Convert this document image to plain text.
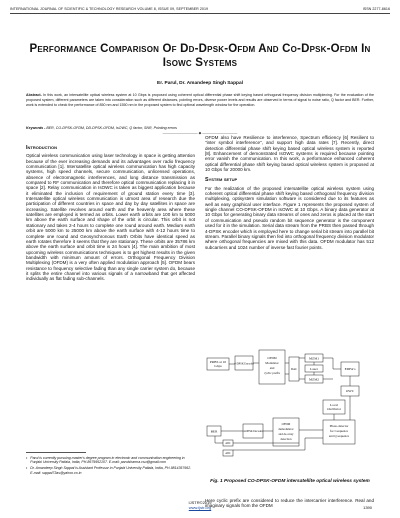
INTERNATIONAL JOURNAL OF SCIENTIFIC & TECHNOLOGY RESEARCH VOLUME 8, ISSUE 09, SEPTEMBER 2019	ISSN 2277-8616
Performance Comparison Of Dd-Dpsk-Ofdm And Co-Dpsk-Ofdm In Isowc Systems
Er. Parul, Dr. Amandeep Singh Sappal
Abstract- In this work, an intersatellite optical wireless system at 10 Gbps is proposed using coherent optical differential phase shift keying based orthogonal frequency division multiplexing. For the evaluation of the proposed system, different parameters are taken into consideration such as different distances, pointing errors, diverse power levels and results are observed in terms of signal to noise ratio, Q factor and BER. Further, work is extended to check the performance of 850 nm and 1550 nm in the proposed system to find optimal wavelength window for the operation.
Keywords - BER, CO-DPSK-OFDM, DD-DPSK-OFDM, IsOWC, Q factor, SNR, Pointing errors
—————————— ◆ ——————————
Introduction

Optical wireless communication using laser technology in space is getting attention because of the ever increasing demands and its advantages over radio frequency communication [1]. Intersatellite optical wireless communication has high capacity systems, high speed channels, secure communication, unlicensed operations, absence of electromagnetic interferences, and long distance transmission as compared to RF communication and therefore optical communication replacing it in space [2]. Relay communication in IsOWC is taken as biggest application because it eliminated the inclusion of requirement of ground station every time [3]. Intersatellite optical wireless communication is utmost area of research due the participation of different countries in space and day by day satellites in space are increasing. Satellite revolves around earth and the heavenly area where these satellites are employed is termed as orbits. Lower earth orbits are 100 km to 5000 km above the earth surface and shape of the orbit is circular. This orbit is not stationary and takes 2-4 hours to complete one round around earth. Medium earth orbit are 5000 km to 25000 km above the earth surface with 4-12 hours time to complete one round and Geosynchronous Earth Orbits have identical speed as earth rotates therefore it seems that they are stationary. These orbits are 35786 km above the earth surface and orbit time is 24 hours [4]. The main ambition of most upcoming wireless communications techniques is to get highest results in the given bandwidth with minimum amount of errors. Orthogonal Frequency Division Multiplexing (OFDM) is a very often applied modulation approach [5]. OFDM bears resistance to frequency selective fading than any single carrier system do, because it splits the entire channel into various signals of a narrowband that get affected individually as flat fading sub-channels.

• Parul is currently pursuing master's degree program in electronic and communication engineering in Punjabi University Patiala, India, PH-8679952107. E-mail: parulsharma.csu@gmail.com
• Dr. Amandeep Singh Sappal is Assistant Professor in Punjabi University Patiala, India, PH-9814357662. E-mail: sappal73as@yahoo.co.in

OFDM also have Resilience to interference, Spectrum efficiency [6] Resilient to "inter symbol interference", and support high data rates [7]. Recently, direct detection differential phase shift keying based optical wireless system is reported [8]. Enhancement of demonstrated IsOWC systems is required because pointing error vanish the communication. In this work, a performance enhanced coherent optical differential phase shift keying based optical wireless system is proposed at 10 Gbps for 20000 km.

System setup

For the realization of the proposed intersatellite optical wireless system using coherent optical differential phase shift keying based orthogonal frequency division multiplexing, optisystem simulation software is considered due to its features as well as easy graphical user interface. Figure 1 represents the proposed system of single channel CO-DPSK-OFDM in IsOWC at 10 Gbps. A binary data generator at 10 Gbps for generating binary data streams of ones and zeros is placed at the start of communication and pseudo random bit sequence generator is the component used for it in the simulation. Serial data stream from the PRBS then passed through 4-DPSK encoder which is employed here to change serial bit stream into parallel bit stream. Parallel binary signals then fed into orthogonal frequency division modulator where orthogonal frequencies are mixed with this data. OFDM modulator has 512 subcarriers and 1024 number of inverse fast fourier points.

PRBS at 10
Gbps	4-DPSK Encoder
OFDM
Modulator
and
cyclic prefix
MZM1
Laser
MZM2
DAC	EDFA's
OWC
Local
Oscillator
BER	4-DPSK Decoder
OFDM
demodulator
and de-array
detection
Photo-detector
for I sequence
and Q sequence
ADC
ADC
Fig. 1 Proposed CO-DPSK-OFDM intersatellite optical wireless system
Here cyclic prefix are considered to reduce the intercarrier interference. Real and imaginary signals from the OFDM
IJSTR©2019
www.ijstr.org	1390
